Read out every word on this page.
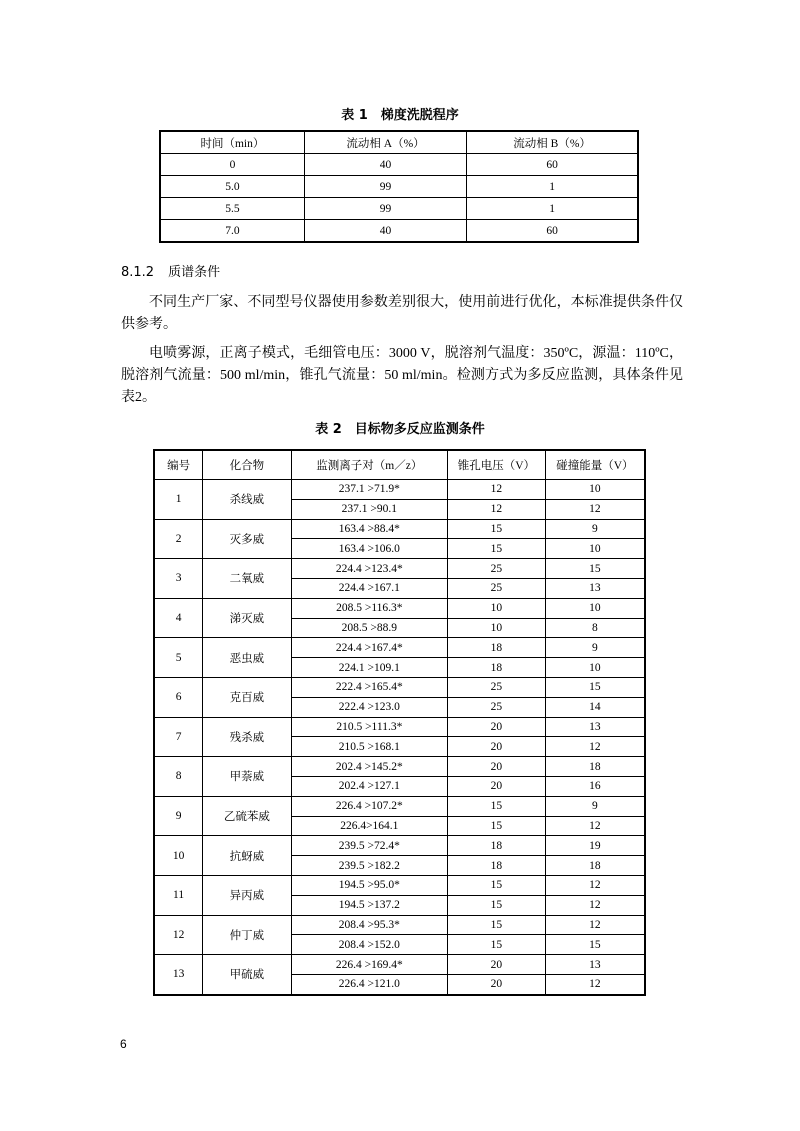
表 1　梯度洗脱程序
时间（min）	流动相 A（%）	流动相 B（%）
0	40	60
5.0	99	1
5.5	99	1
7.0	40	60
8.1.2 质谱条件

不同生产厂家、不同型号仪器使用参数差别很大，使用前进行优化，本标准提供条件仅供参考。

电喷雾源，正离子模式，毛细管电压：3000 V，脱溶剂气温度：350ºC，源温：110ºC，脱溶剂气流量：500 ml/min，锥孔气流量：50 ml/min。检测方式为多反应监测，具体条件见表2。

表 2　目标物多反应监测条件
编号	化合物	监测离子对（m／z）	锥孔电压（V）	碰撞能量（V）
1	杀线威	237.1 >71.9*	12	10
		237.1 >90.1	12	12
2	灭多威	163.4 >88.4*	15	9
		163.4 >106.0	15	10
3	二氧威	224.4 >123.4*	25	15
		224.4 >167.1	25	13
4	涕灭威	208.5 >116.3*	10	10
		208.5 >88.9	10	8
5	恶虫威	224.4 >167.4*	18	9
		224.1 >109.1	18	10
6	克百威	222.4 >165.4*	25	15
		222.4 >123.0	25	14
7	残杀威	210.5 >111.3*	20	13
		210.5 >168.1	20	12
8	甲萘威	202.4 >145.2*	20	18
		202.4 >127.1	20	16
9	乙硫苯威	226.4 >107.2*	15	9
		226.4>164.1	15	12
10	抗蚜威	239.5 >72.4*	18	19
		239.5 >182.2	18	18
11	异丙威	194.5 >95.0*	15	12
		194.5 >137.2	15	12
12	仲丁威	208.4 >95.3*	15	12
		208.4 >152.0	15	15
13	甲硫威	226.4 >169.4*	20	13
		226.4 >121.0	20	12
6
